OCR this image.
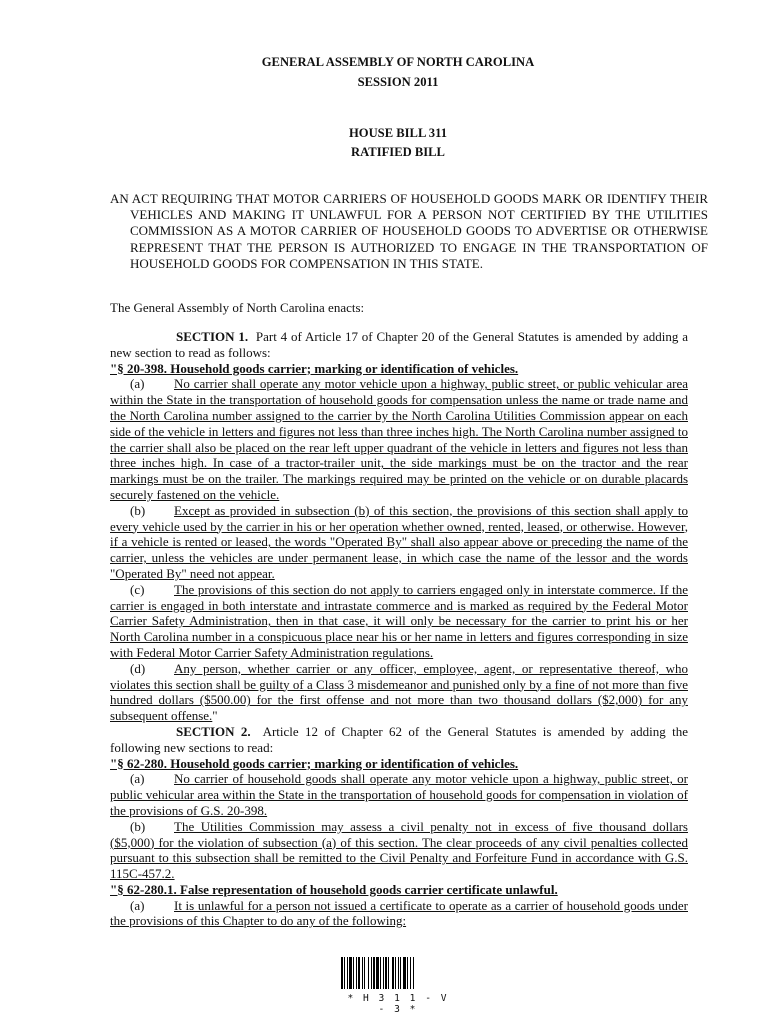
GENERAL ASSEMBLY OF NORTH CAROLINA
SESSION 2011
HOUSE BILL 311
RATIFIED BILL

AN ACT REQUIRING THAT MOTOR CARRIERS OF HOUSEHOLD GOODS MARK OR IDENTIFY THEIR VEHICLES AND MAKING IT UNLAWFUL FOR A PERSON NOT CERTIFIED BY THE UTILITIES COMMISSION AS A MOTOR CARRIER OF HOUSEHOLD GOODS TO ADVERTISE OR OTHERWISE REPRESENT THAT THE PERSON IS AUTHORIZED TO ENGAGE IN THE TRANSPORTATION OF HOUSEHOLD GOODS FOR COMPENSATION IN THIS STATE.

The General Assembly of North Carolina enacts:

SECTION 1. Part 4 of Article 17 of Chapter 20 of the General Statutes is amended by adding a new section to read as follows:

"§ 20-398. Household goods carrier; marking or identification of vehicles.

(a) No carrier shall operate any motor vehicle upon a highway, public street, or public vehicular area within the State in the transportation of household goods for compensation unless the name or trade name and the North Carolina number assigned to the carrier by the North Carolina Utilities Commission appear on each side of the vehicle in letters and figures not less than three inches high. The North Carolina number assigned to the carrier shall also be placed on the rear left upper quadrant of the vehicle in letters and figures not less than three inches high. In case of a tractor-trailer unit, the side markings must be on the tractor and the rear markings must be on the trailer. The markings required may be printed on the vehicle or on durable placards securely fastened on the vehicle.

(b) Except as provided in subsection (b) of this section, the provisions of this section shall apply to every vehicle used by the carrier in his or her operation whether owned, rented, leased, or otherwise. However, if a vehicle is rented or leased, the words "Operated By" shall also appear above or preceding the name of the carrier, unless the vehicles are under permanent lease, in which case the name of the lessor and the words "Operated By" need not appear.

(c) The provisions of this section do not apply to carriers engaged only in interstate commerce. If the carrier is engaged in both interstate and intrastate commerce and is marked as required by the Federal Motor Carrier Safety Administration, then in that case, it will only be necessary for the carrier to print his or her North Carolina number in a conspicuous place near his or her name in letters and figures corresponding in size with Federal Motor Carrier Safety Administration regulations.

(d) Any person, whether carrier or any officer, employee, agent, or representative thereof, who violates this section shall be guilty of a Class 3 misdemeanor and punished only by a fine of not more than five hundred dollars ($500.00) for the first offense and not more than two thousand dollars ($2,000) for any subsequent offense."

SECTION 2. Article 12 of Chapter 62 of the General Statutes is amended by adding the following new sections to read:

"§ 62-280. Household goods carrier; marking or identification of vehicles.

(a) No carrier of household goods shall operate any motor vehicle upon a highway, public street, or public vehicular area within the State in the transportation of household goods for compensation in violation of the provisions of G.S. 20-398.

(b) The Utilities Commission may assess a civil penalty not in excess of five thousand dollars ($5,000) for the violation of subsection (a) of this section. The clear proceeds of any civil penalties collected pursuant to this subsection shall be remitted to the Civil Penalty and Forfeiture Fund in accordance with G.S. 115C-457.2.

"§ 62-280.1. False representation of household goods carrier certificate unlawful.

(a) It is unlawful for a person not issued a certificate to operate as a carrier of household goods under the provisions of this Chapter to do any of the following:

* H 3 1 1 - V - 3 *
